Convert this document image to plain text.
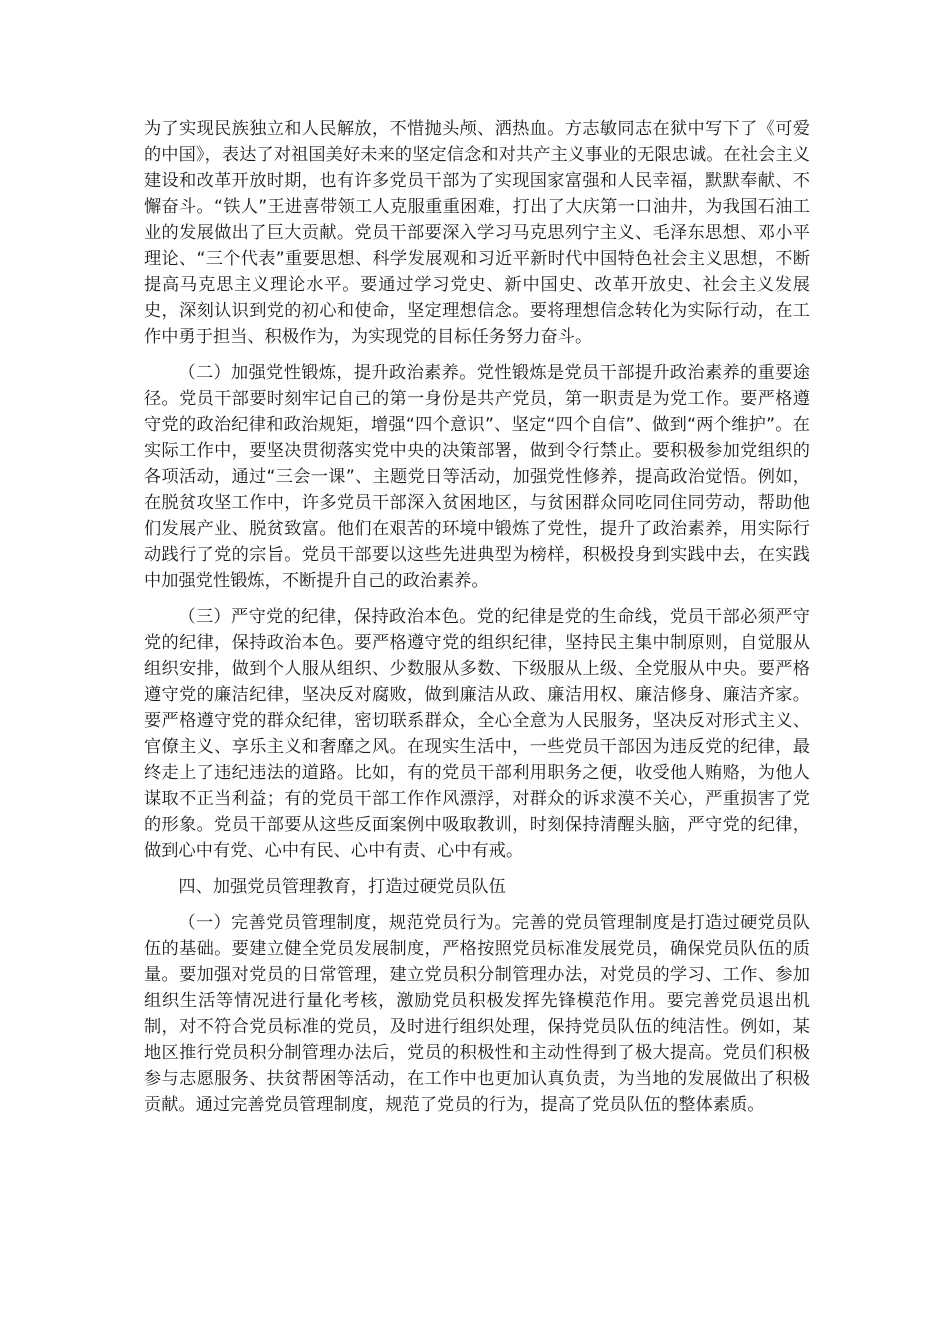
为了实现民族独立和人民解放，不惜抛头颅、洒热血。方志敏同志在狱中写下了《可爱的中国》，表达了对祖国美好未来的坚定信念和对共产主义事业的无限忠诚。在社会主义建设和改革开放时期，也有许多党员干部为了实现国家富强和人民幸福，默默奉献、不懈奋斗。“铁人”王进喜带领工人克服重重困难，打出了大庆第一口油井，为我国石油工业的发展做出了巨大贡献。党员干部要深入学习马克思列宁主义、毛泽东思想、邓小平理论、“三个代表”重要思想、科学发展观和习近平新时代中国特色社会主义思想，不断提高马克思主义理论水平。要通过学习党史、新中国史、改革开放史、社会主义发展史，深刻认识到党的初心和使命，坚定理想信念。要将理想信念转化为实际行动，在工作中勇于担当、积极作为，为实现党的目标任务努力奋斗。

（二）加强党性锻炼，提升政治素养。党性锻炼是党员干部提升政治素养的重要途径。党员干部要时刻牢记自己的第一身份是共产党员，第一职责是为党工作。要严格遵守党的政治纪律和政治规矩，增强“四个意识”、坚定“四个自信”、做到“两个维护”。在实际工作中，要坚决贯彻落实党中央的决策部署，做到令行禁止。要积极参加党组织的各项活动，通过“三会一课”、主题党日等活动，加强党性修养，提高政治觉悟。例如，在脱贫攻坚工作中，许多党员干部深入贫困地区，与贫困群众同吃同住同劳动，帮助他们发展产业、脱贫致富。他们在艰苦的环境中锻炼了党性，提升了政治素养，用实际行动践行了党的宗旨。党员干部要以这些先进典型为榜样，积极投身到实践中去，在实践中加强党性锻炼，不断提升自己的政治素养。

（三）严守党的纪律，保持政治本色。党的纪律是党的生命线，党员干部必须严守党的纪律，保持政治本色。要严格遵守党的组织纪律，坚持民主集中制原则，自觉服从组织安排，做到个人服从组织、少数服从多数、下级服从上级、全党服从中央。要严格遵守党的廉洁纪律，坚决反对腐败，做到廉洁从政、廉洁用权、廉洁修身、廉洁齐家。要严格遵守党的群众纪律，密切联系群众，全心全意为人民服务，坚决反对形式主义、官僚主义、享乐主义和奢靡之风。在现实生活中，一些党员干部因为违反党的纪律，最终走上了违纪违法的道路。比如，有的党员干部利用职务之便，收受他人贿赂，为他人谋取不正当利益；有的党员干部工作作风漂浮，对群众的诉求漠不关心，严重损害了党的形象。党员干部要从这些反面案例中吸取教训，时刻保持清醒头脑，严守党的纪律，做到心中有党、心中有民、心中有责、心中有戒。

四、加强党员管理教育，打造过硬党员队伍

（一）完善党员管理制度，规范党员行为。完善的党员管理制度是打造过硬党员队伍的基础。要建立健全党员发展制度，严格按照党员标准发展党员，确保党员队伍的质量。要加强对党员的日常管理，建立党员积分制管理办法，对党员的学习、工作、参加组织生活等情况进行量化考核，激励党员积极发挥先锋模范作用。要完善党员退出机制，对不符合党员标准的党员，及时进行组织处理，保持党员队伍的纯洁性。例如，某地区推行党员积分制管理办法后，党员的积极性和主动性得到了极大提高。党员们积极参与志愿服务、扶贫帮困等活动，在工作中也更加认真负责，为当地的发展做出了积极贡献。通过完善党员管理制度，规范了党员的行为，提高了党员队伍的整体素质。
